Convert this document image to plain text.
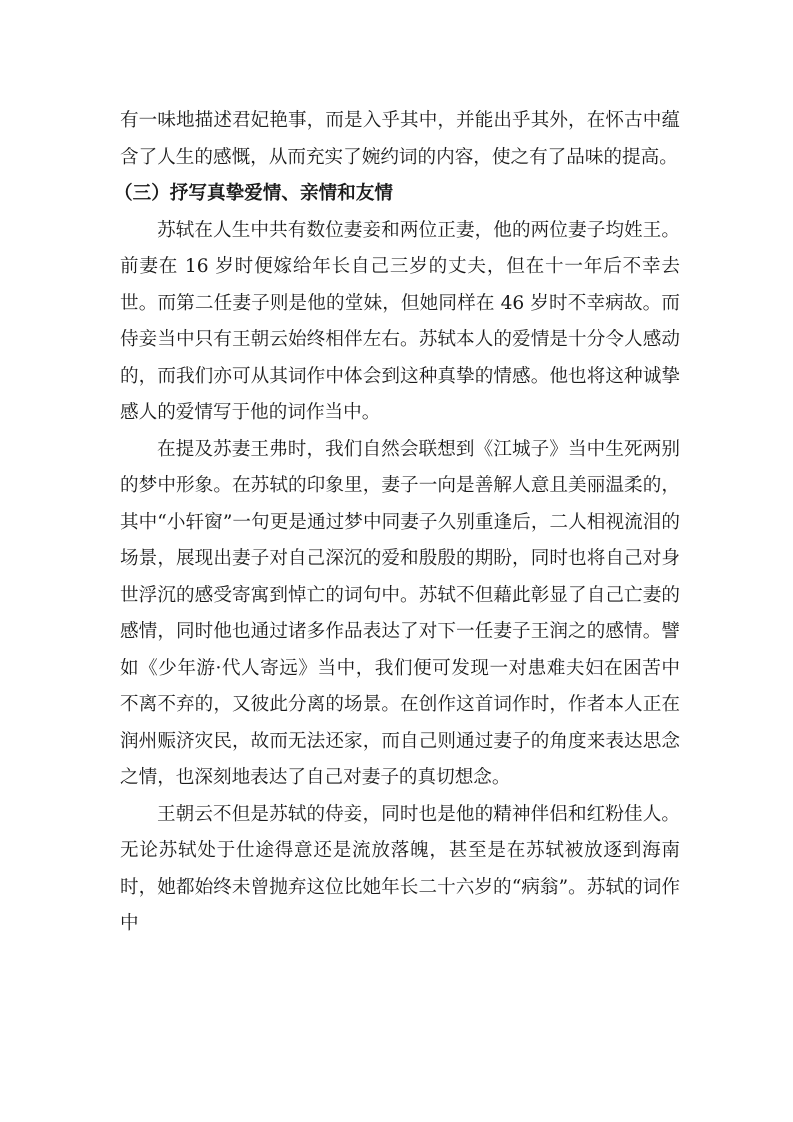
有一味地描述君妃艳事，而是入乎其中，并能出乎其外，在怀古中蕴含了人生的感慨，从而充实了婉约词的内容，使之有了品味的提高。

（三）抒写真挚爱情、亲情和友情

苏轼在人生中共有数位妻妾和两位正妻，他的两位妻子均姓王。前妻在 16 岁时便嫁给年长自己三岁的丈夫，但在十一年后不幸去世。而第二任妻子则是他的堂妹，但她同样在 46 岁时不幸病故。而侍妾当中只有王朝云始终相伴左右。苏轼本人的爱情是十分令人感动的，而我们亦可从其词作中体会到这种真挚的情感。他也将这种诚挚感人的爱情写于他的词作当中。

在提及苏妻王弗时，我们自然会联想到《江城子》当中生死两别的梦中形象。在苏轼的印象里，妻子一向是善解人意且美丽温柔的，其中“小轩窗”一句更是通过梦中同妻子久别重逢后，二人相视流泪的场景，展现出妻子对自己深沉的爱和殷殷的期盼，同时也将自己对身世浮沉的感受寄寓到悼亡的词句中。苏轼不但藉此彰显了自己亡妻的感情，同时他也通过诸多作品表达了对下一任妻子王润之的感情。譬如《少年游·代人寄远》当中，我们便可发现一对患难夫妇在困苦中不离不弃的，又彼此分离的场景。在创作这首词作时，作者本人正在润州赈济灾民，故而无法还家，而自己则通过妻子的角度来表达思念之情，也深刻地表达了自己对妻子的真切想念。

王朝云不但是苏轼的侍妾，同时也是他的精神伴侣和红粉佳人。无论苏轼处于仕途得意还是流放落魄，甚至是在苏轼被放逐到海南时，她都始终未曾抛弃这位比她年长二十六岁的“病翁”。苏轼的词作中
